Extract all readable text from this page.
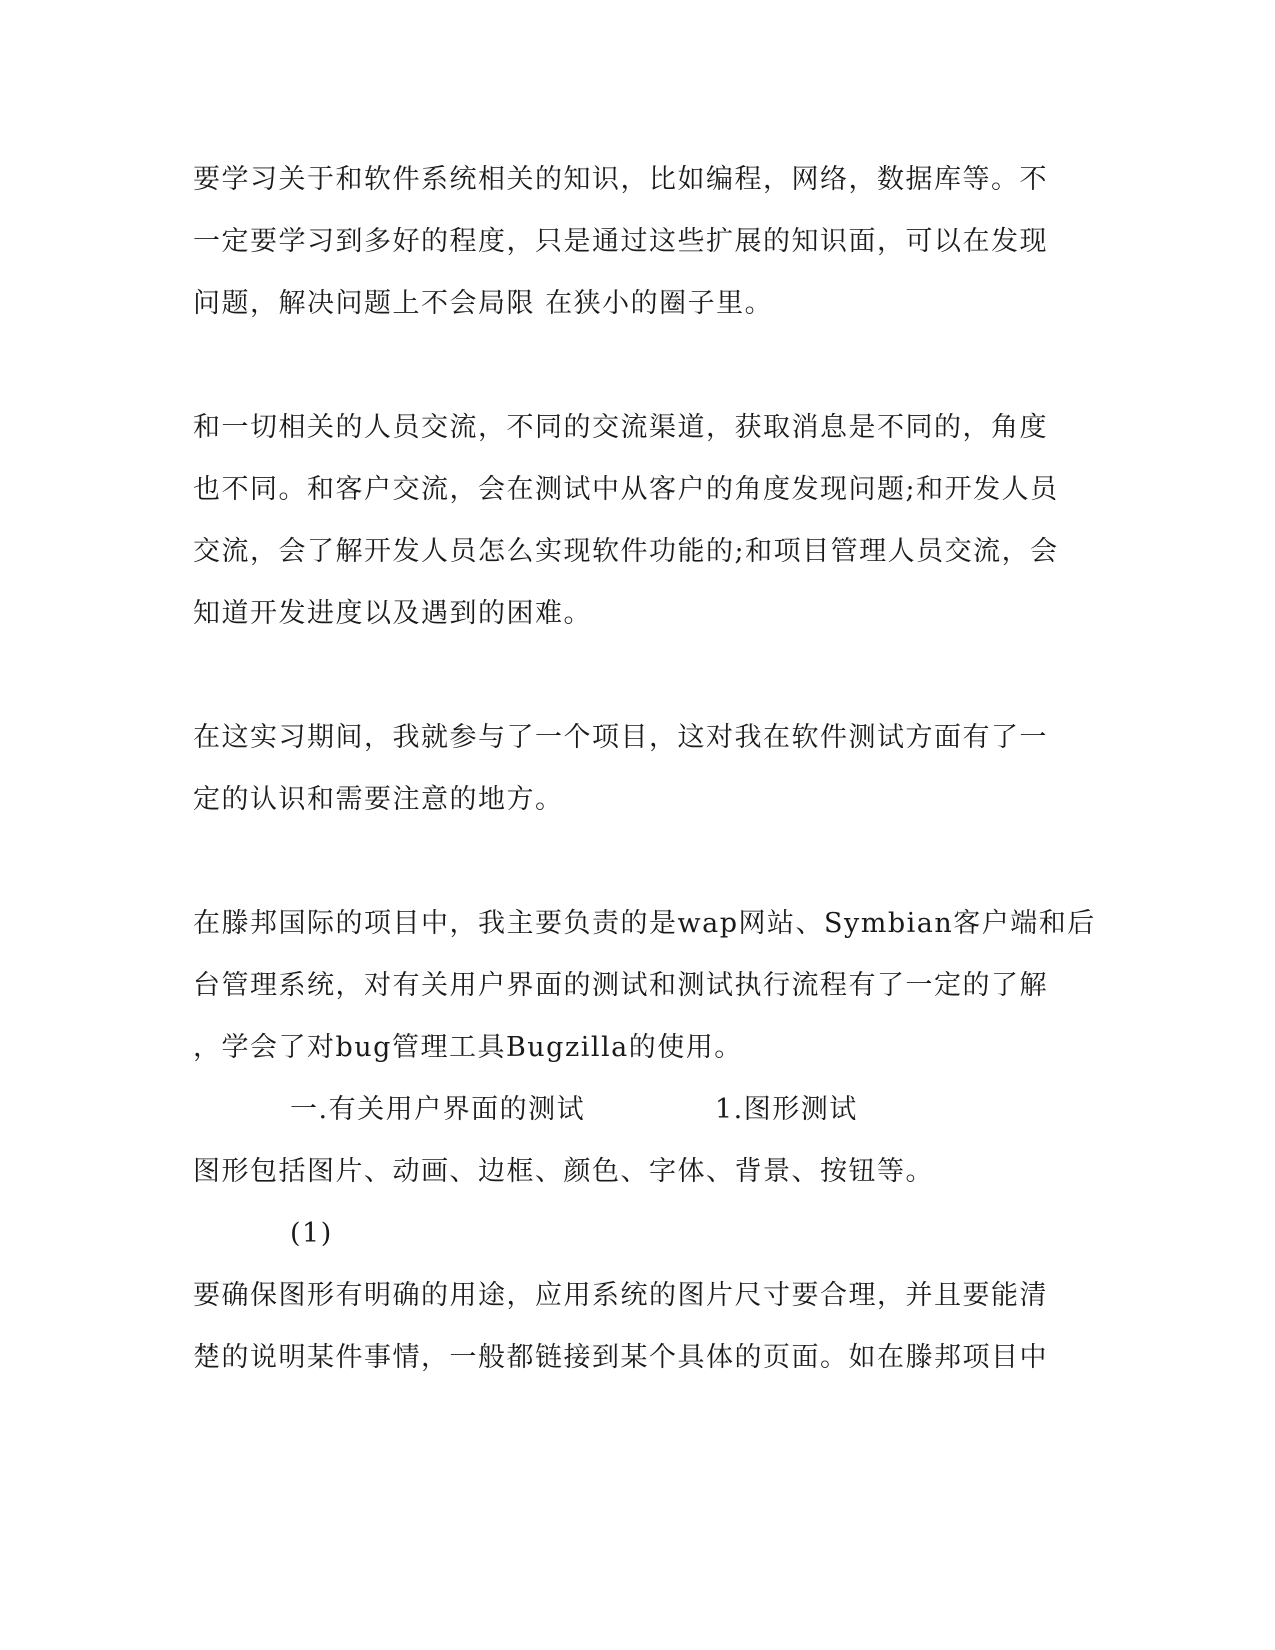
要学习关于和软件系统相关的知识，比如编程，网络，数据库等。不
一定要学习到多好的程度，只是通过这些扩展的知识面，可以在发现
问题，解决问题上不会局限 在狭小的圈子里。
和一切相关的人员交流，不同的交流渠道，获取消息是不同的，角度
也不同。和客户交流，会在测试中从客户的角度发现问题;和开发人员
交流，会了解开发人员怎么实现软件功能的;和项目管理人员交流，会
知道开发进度以及遇到的困难。
在这实习期间，我就参与了一个项目，这对我在软件测试方面有了一
定的认识和需要注意的地方。
在滕邦国际的项目中，我主要负责的是wap网站、Symbian客户端和后
台管理系统，对有关用户界面的测试和测试执行流程有了一定的了解
，学会了对bug管理工具Bugzilla的使用。
一.有关用户界面的测试	1.图形测试
图形包括图片、动画、边框、颜色、字体、背景、按钮等。
(1)
要确保图形有明确的用途，应用系统的图片尺寸要合理，并且要能清
楚的说明某件事情，一般都链接到某个具体的页面。如在滕邦项目中
